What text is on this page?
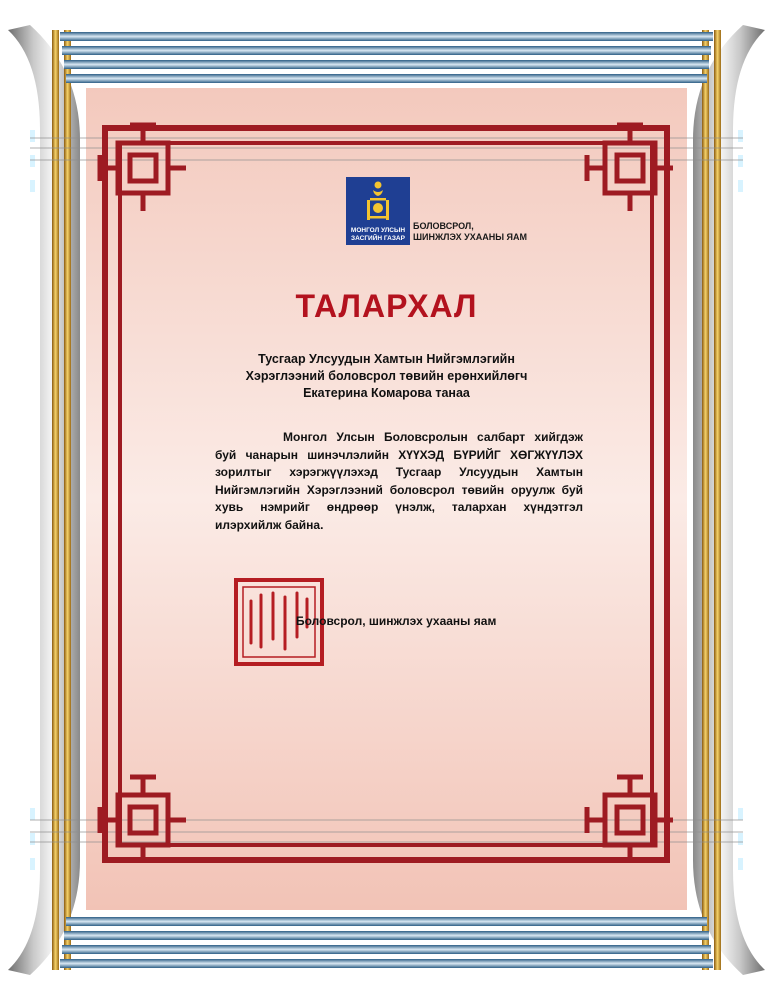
МОНГОЛ УЛСЫН
ЗАСГИЙН ГАЗАР
БОЛОВСРОЛ,
ШИНЖЛЭХ УХААНЫ ЯАМ
ТАЛАРХАЛ
Тусгаар Улсуудын Хамтын Нийгэмлэгийн
Хэрэглээний боловсрол төвийн ерөнхийлөгч
Екатерина Комарова танаа
Монгол Улсын Боловсролын салбарт хийгдэж буй чанарын шинэчлэлийн ХҮҮХЭД БҮРИЙГ ХӨГЖҮҮЛЭХ зорилтыг хэрэгжүүлэхэд Тусгаар Улсуудын Хамтын Нийгэмлэгийн Хэрэглээний боловсрол төвийн оруулж буй хувь нэмрийг өндрөөр үнэлж, талархан хүндэтгэл илэрхийлж байна.
Боловсрол, шинжлэх ухааны яам
